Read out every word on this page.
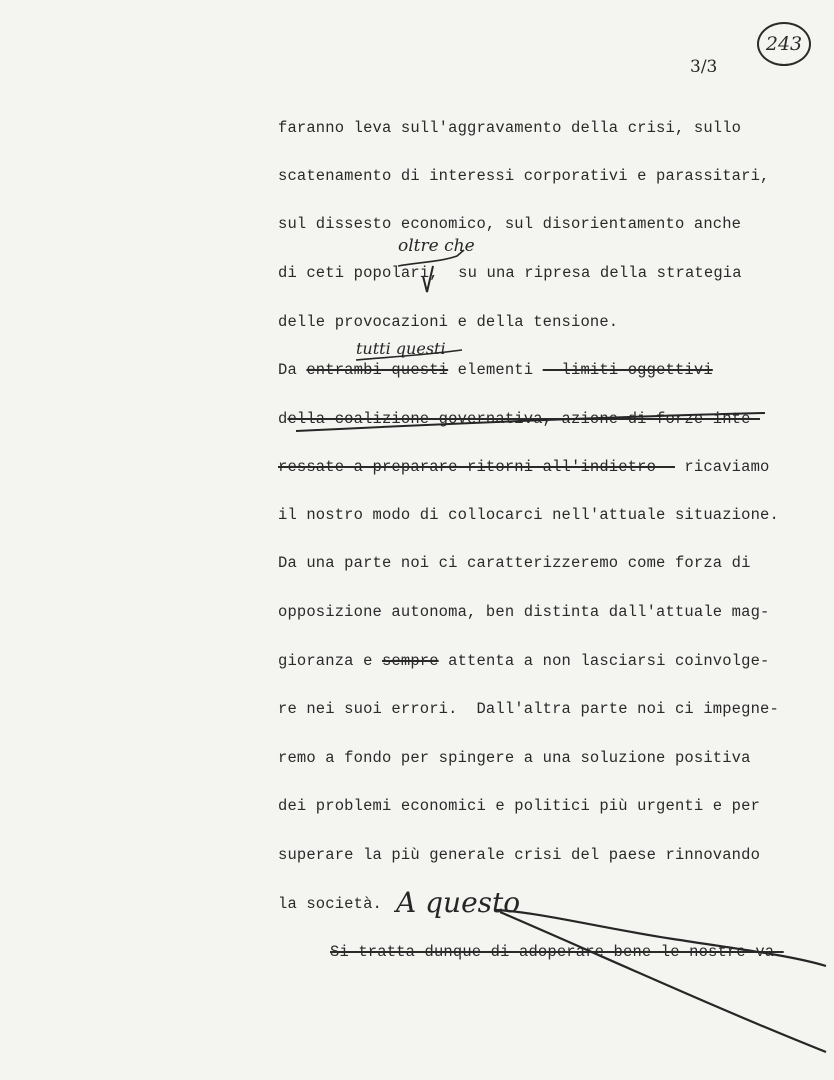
243
3/3
faranno leva sull'aggravamento della crisi, sullo
scatenamento di interessi corporativi e parassitari,
sul dissesto economico, sul disorientamento anche
oltre che
di ceti popolari, su una ripresa della strategia
delle provocazioni e della tensione.
tutti questi
Da entrambi questi elementi --limiti oggettivi
della coalizione governativa, azione di forze inte-
ressate a preparare ritorni all'indietro-- ricaviamo
il nostro modo di collocarci nell'attuale situazione.
Da una parte noi ci caratterizzeremo come forza di
opposizione autonoma, ben distinta dall'attuale mag-
gioranza e sempre attenta a non lasciarsi coinvolge-
re nei suoi errori.  Dall'altra parte noi ci impegne-
remo a fondo per spingere a una soluzione positiva
dei problemi economici e politici più urgenti e per
superare la più generale crisi del paese rinnovando
la società. A questo
Si tratta dunque di adoperare bene le nostre va-
